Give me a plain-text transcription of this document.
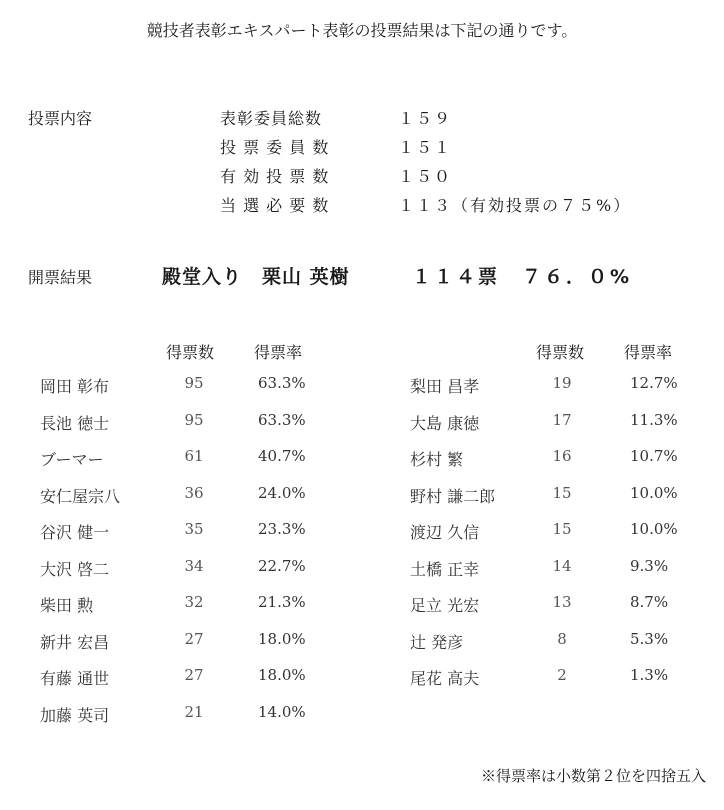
競技者表彰エキスパート表彰の投票結果は下記の通りです。
投票内容	表彰委員総数	１５９
投 票 委 員 数	１５１
有 効 投 票 数	１５０
当 選 必 要 数	１１３（有効投票の７５%）
開票結果	殿堂入り　栗山 英樹	１１４票　７６．０%
得票数 得票率	得票数 得票率
岡田 彰布	95	63.3%
長池 徳士	95	63.3%
ブーマー	61	40.7%
安仁屋宗八	36	24.0%
谷沢 健一	35	23.3%
大沢 啓二	34	22.7%
柴田 勲	32	21.3%
新井 宏昌	27	18.0%
有藤 通世	27	18.0%
加藤 英司	21	14.0%
梨田 昌孝	19	12.7%
大島 康徳	17	11.3%
杉村 繁	16	10.7%
野村 謙二郎	15	10.0%
渡辺 久信	15	10.0%
土橋 正幸	14	9.3%
足立 光宏	13	8.7%
辻 発彦	8	5.3%
尾花 高夫	2	1.3%
※得票率は小数第２位を四捨五入
